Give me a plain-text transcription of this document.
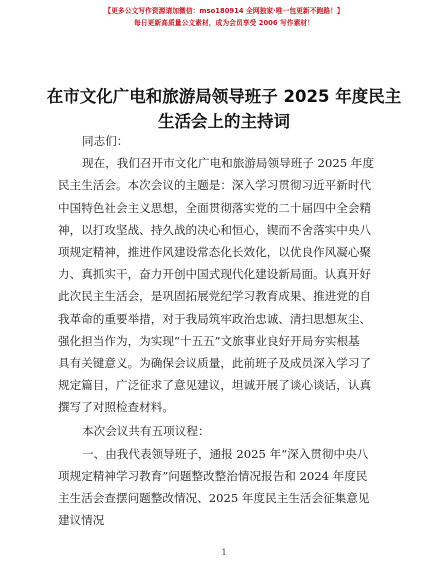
【更多公文写作资源请加微信：mso180914 全网独家·唯一包更新不跑路！】
每日更新高质量公文素材，成为会员享受 2006 写作素材！
在市文化广电和旅游局领导班子 2025 年度民主
生活会上的主持词
同志们：
现在，我们召开市文化广电和旅游局领导班子 2025 年度
民主生活会。本次会议的主题是：深入学习贯彻习近平新时代
中国特色社会主义思想，全面贯彻落实党的二十届四中全会精
神，以打攻坚战、持久战的决心和恒心，锲而不舍落实中央八
项规定精神，推进作风建设常态化长效化，以优良作风凝心聚
力、真抓实干，奋力开创中国式现代化建设新局面。认真开好
此次民主生活会，是巩固拓展党纪学习教育成果、推进党的自
我革命的重要举措，对于我局筑牢政治忠诚、清扫思想灰尘、
强化担当作为，为实现“十五五”文旅事业良好开局夯实根基
具有关键意义。为确保会议质量，此前班子及成员深入学习了
规定篇目，广泛征求了意见建议，坦诚开展了谈心谈话，认真
撰写了对照检查材料。
本次会议共有五项议程：
一、由我代表领导班子，通报 2025 年“深入贯彻中央八
项规定精神学习教育”问题整改整治情况报告和 2024 年度民
主生活会查摆问题整改情况、2025 年度民主生活会征集意见
建议情况
1
